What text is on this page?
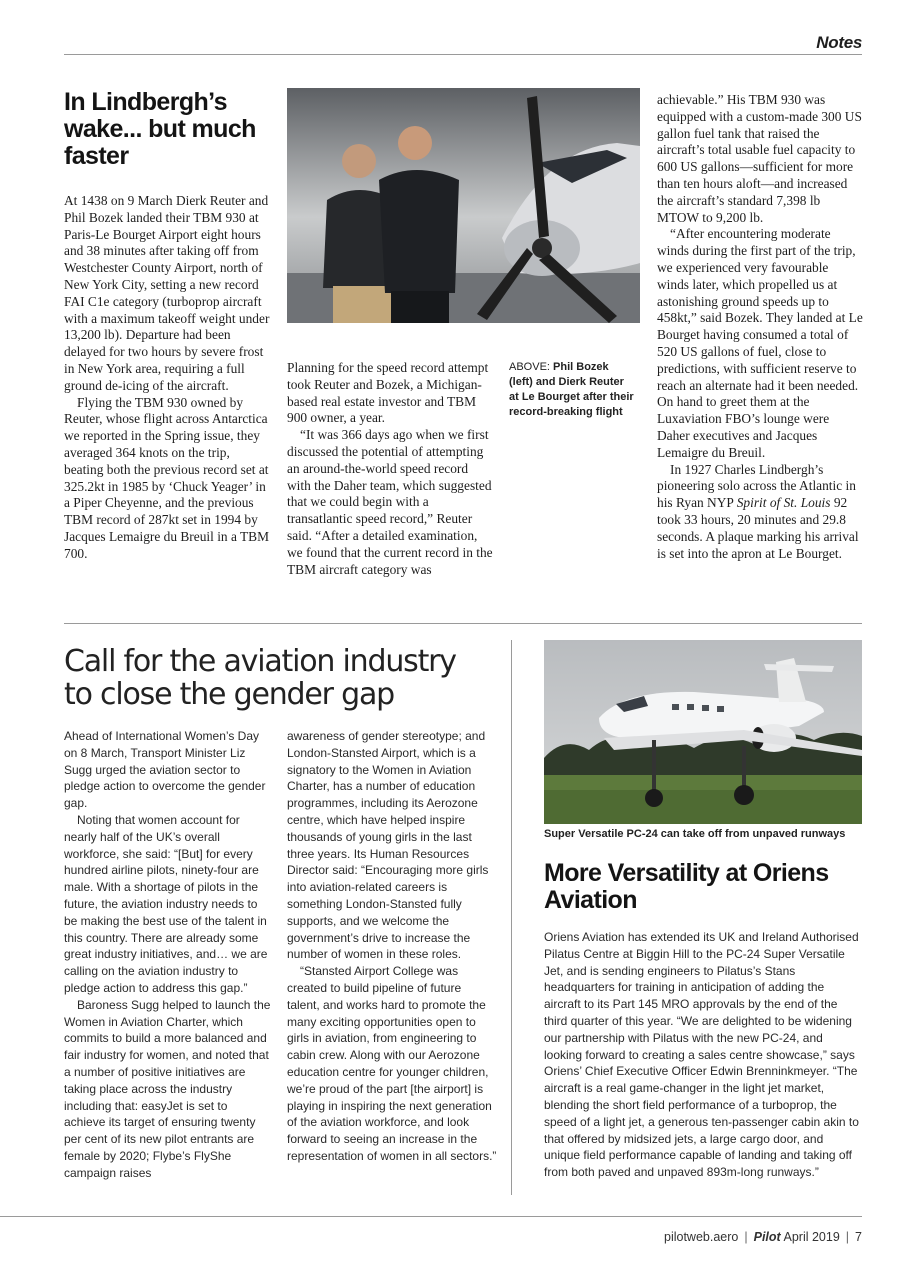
Notes
In Lindbergh’s wake... but much faster

At 1438 on 9 March Dierk Reuter and Phil Bozek landed their TBM 930 at Paris-Le Bourget Airport eight hours and 38 minutes after taking off from Westchester County Airport, north of New York City, setting a new record FAI C1e category (turboprop aircraft with a maximum takeoff weight under 13,200 lb). Departure had been delayed for two hours by severe frost in New York area, requiring a full ground de-icing of the aircraft.

Flying the TBM 930 owned by Reuter, whose flight across Antarctica we reported in the Spring issue, they averaged 364 knots on the trip, beating both the previous record set at 325.2kt in 1985 by ‘Chuck Yeager’ in a Piper Cheyenne, and the previous TBM record of 287kt set in 1994 by Jacques Lemaigre du Breuil in a TBM 700.

Planning for the speed record attempt took Reuter and Bozek, a Michigan-based real estate investor and TBM 900 owner, a year.

“It was 366 days ago when we first discussed the potential of attempting an around-the-world speed record with the Daher team, which suggested that we could begin with a transatlantic speed record,” Reuter said. “After a detailed examination, we found that the current record in the TBM aircraft category was

ABOVE: Phil Bozek (left) and Dierk Reuter at Le Bourget after their record-breaking flight

achievable.” His TBM 930 was equipped with a custom-made 300 US gallon fuel tank that raised the aircraft’s total usable fuel capacity to 600 US gallons—sufficient for more than ten hours aloft—and increased the aircraft’s standard 7,398 lb MTOW to 9,200 lb.

“After encountering moderate winds during the first part of the trip, we experienced very favourable winds later, which propelled us at astonishing ground speeds up to 458kt,” said Bozek. They landed at Le Bourget having consumed a total of 520 US gallons of fuel, close to predictions, with sufficient reserve to reach an alternate had it been needed. On hand to greet them at the Luxaviation FBO’s lounge were Daher executives and Jacques Lemaigre du Breuil.

In 1927 Charles Lindbergh’s pioneering solo across the Atlantic in his Ryan NYP Spirit of St. Louis 92 took 33 hours, 20 minutes and 29.8 seconds. A plaque marking his arrival is set into the apron at Le Bourget.

Call for the aviation industry to close the gender gap

Ahead of International Women’s Day on 8 March, Transport Minister Liz Sugg urged the aviation sector to pledge action to overcome the gender gap.

Noting that women account for nearly half of the UK’s overall workforce, she said: “[But] for every hundred airline pilots, ninety-four are male. With a shortage of pilots in the future, the aviation industry needs to be making the best use of the talent in this country. There are already some great industry initiatives, and… we are calling on the aviation industry to pledge action to address this gap.”

Baroness Sugg helped to launch the Women in Aviation Charter, which commits to build a more balanced and fair industry for women, and noted that a number of positive initiatives are taking place across the industry including that: easyJet is set to achieve its target of ensuring twenty per cent of its new pilot entrants are female by 2020; Flybe’s FlyShe campaign raises

awareness of gender stereotype; and London-Stansted Airport, which is a signatory to the Women in Aviation Charter, has a number of education programmes, including its Aerozone centre, which have helped inspire thousands of young girls in the last three years. Its Human Resources Director said: “Encouraging more girls into aviation-related careers is something London-Stansted fully supports, and we welcome the government’s drive to increase the number of women in these roles.

“Stansted Airport College was created to build pipeline of future talent, and works hard to promote the many exciting opportunities open to girls in aviation, from engineering to cabin crew. Along with our Aerozone education centre for younger children, we’re proud of the part [the airport] is playing in inspiring the next generation of the aviation workforce, and look forward to seeing an increase in the representation of women in all sectors.”

Super Versatile PC-24 can take off from unpaved runways
More Versatility at Oriens Aviation

Oriens Aviation has extended its UK and Ireland Authorised Pilatus Centre at Biggin Hill to the PC-24 Super Versatile Jet, and is sending engineers to Pilatus’s Stans headquarters for training in anticipation of adding the aircraft to its Part 145 MRO approvals by the end of the third quarter of this year. “We are delighted to be widening our partnership with Pilatus with the new PC-24, and looking forward to creating a sales centre showcase,” says Oriens’ Chief Executive Officer Edwin Brenninkmeyer. “The aircraft is a real game-changer in the light jet market, blending the short field performance of a turboprop, the speed of a light jet, a generous ten-passenger cabin akin to that offered by midsized jets, a large cargo door, and unique field performance capable of landing and taking off from both paved and unpaved 893m-long runways.”

pilotweb.aero | Pilot April 2019 | 7
